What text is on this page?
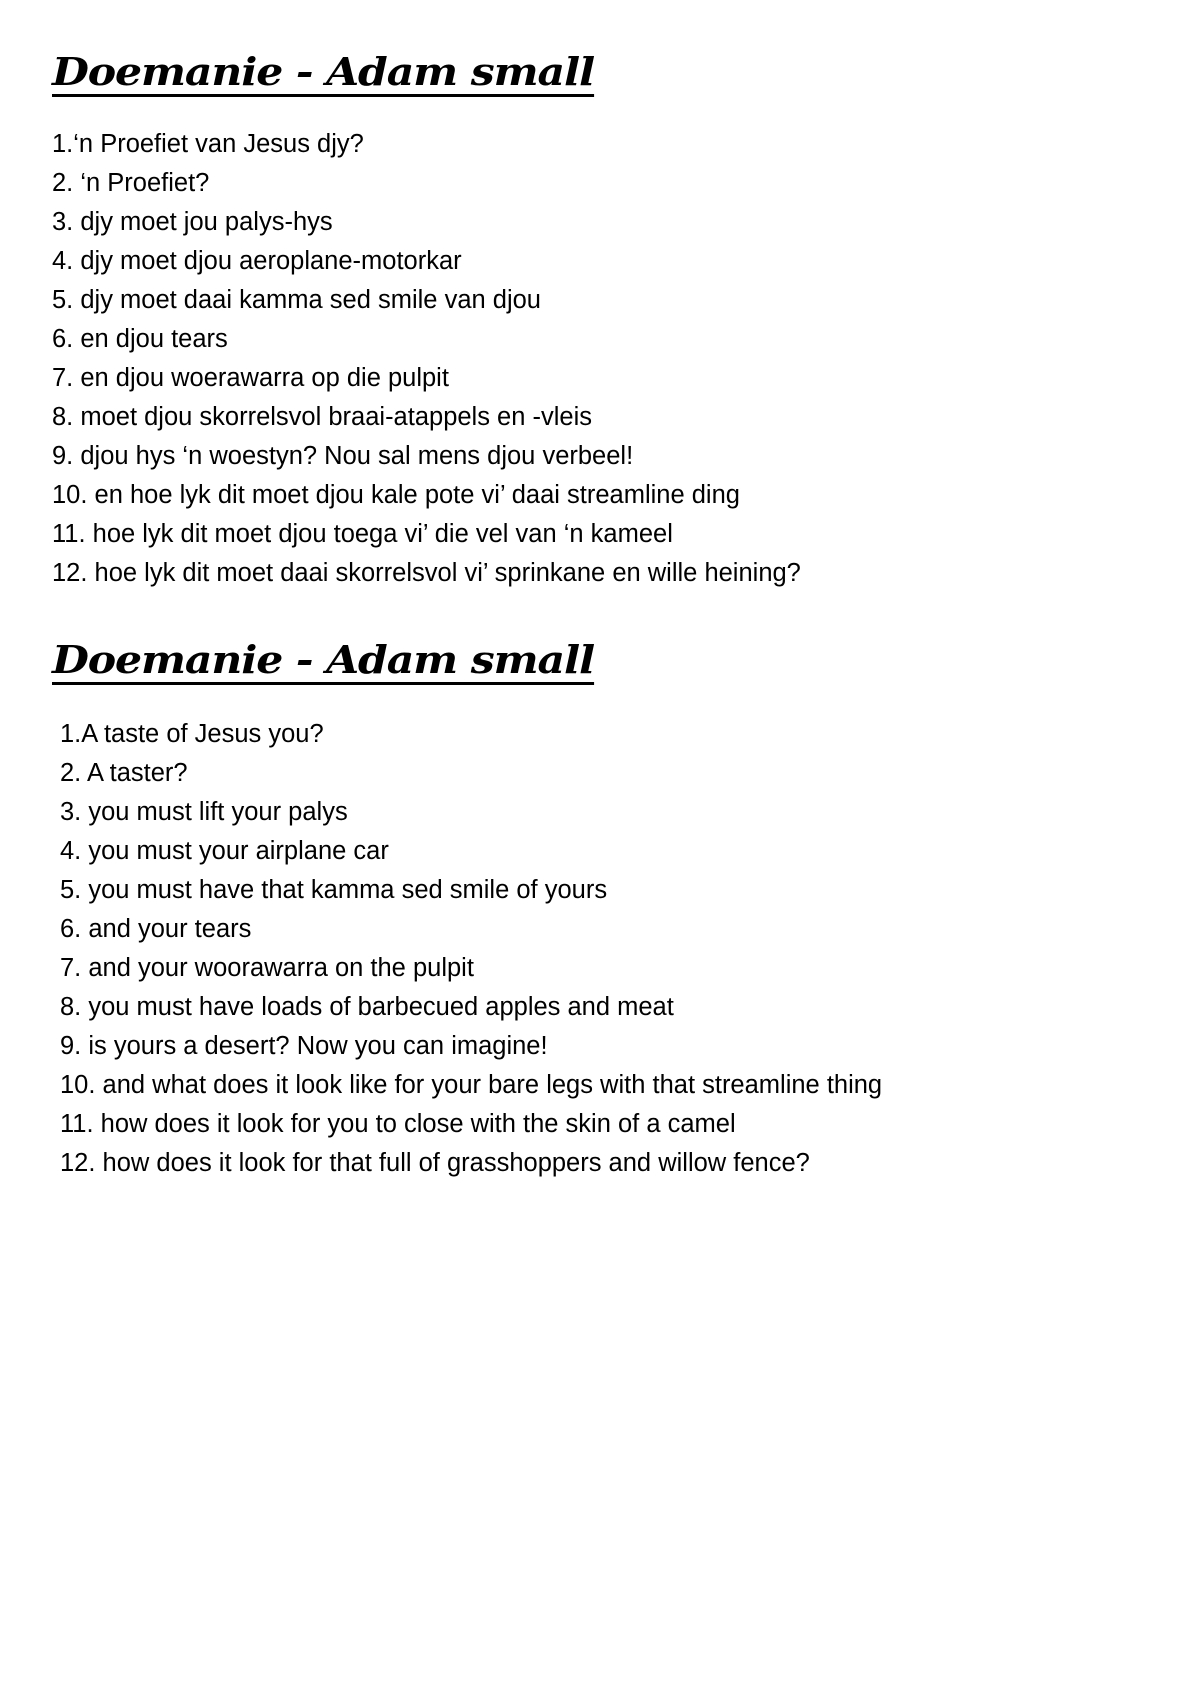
Doemanie - Adam small
1.‘n Proefiet van Jesus djy?
2. ‘n Proefiet?
3. djy moet jou palys-hys
4. djy moet djou aeroplane-motorkar
5. djy moet daai kamma sed smile van djou
6. en djou tears
7. en djou woerawarra op die pulpit
8. moet djou skorrelsvol braai-atappels en -vleis
9. djou hys ‘n woestyn? Nou sal mens djou verbeel!
10. en hoe lyk dit moet djou kale pote vi’ daai streamline ding
11. hoe lyk dit moet djou toega vi’ die vel van ‘n kameel
12. hoe lyk dit moet daai skorrelsvol vi’ sprinkane en wille heining?
Doemanie - Adam small
1.A taste of Jesus you?
2. A taster?
3. you must lift your palys
4. you must your airplane car
5. you must have that kamma sed smile of yours
6. and your tears
7. and your woorawarra on the pulpit
8. you must have loads of barbecued apples and meat
9. is yours a desert? Now you can imagine!
10. and what does it look like for your bare legs with that streamline thing
11. how does it look for you to close with the skin of a camel
12. how does it look for that full of grasshoppers and willow fence?
